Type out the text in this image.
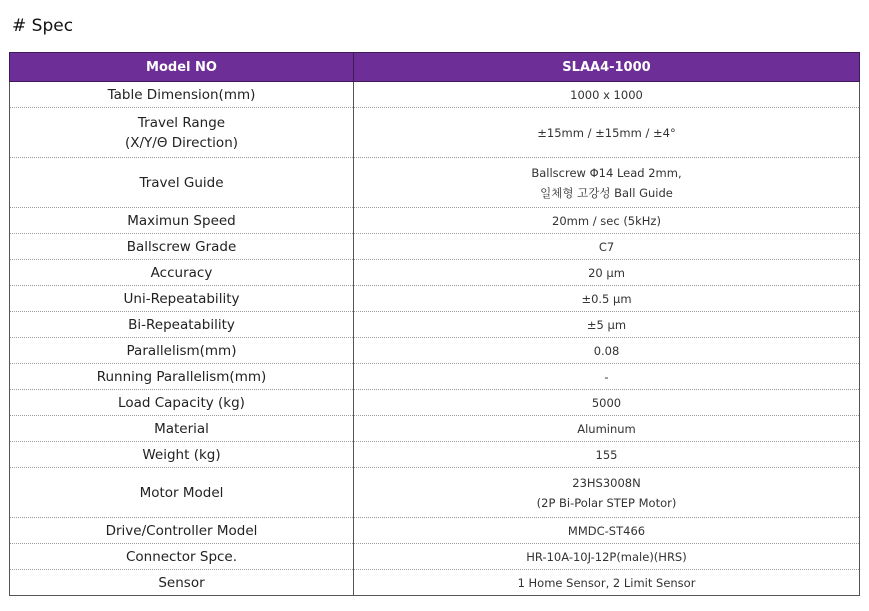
# Spec
Model NO	SLAA4-1000

Table Dimension(mm)	1000 x 1000

Travel Range
(X/Y/Θ Direction)	±15mm / ±15mm / ±4°

Travel Guide	Ballscrew Φ14 Lead 2mm,
일체형 고강성 Ball Guide

Maximun Speed	20mm / sec (5kHz)

Ballscrew Grade	C7

Accuracy	20 μm

Uni-Repeatability	±0.5 μm

Bi-Repeatability	±5 μm

Parallelism(mm)	0.08

Running Parallelism(mm)	-

Load Capacity (kg)	5000

Material	Aluminum

Weight (kg)	155

Motor Model	23HS3008N
(2P Bi-Polar STEP Motor)

Drive/Controller Model	MMDC-ST466

Connector Spce.	HR-10A-10J-12P(male)(HRS)

Sensor	1 Home Sensor, 2 Limit Sensor
